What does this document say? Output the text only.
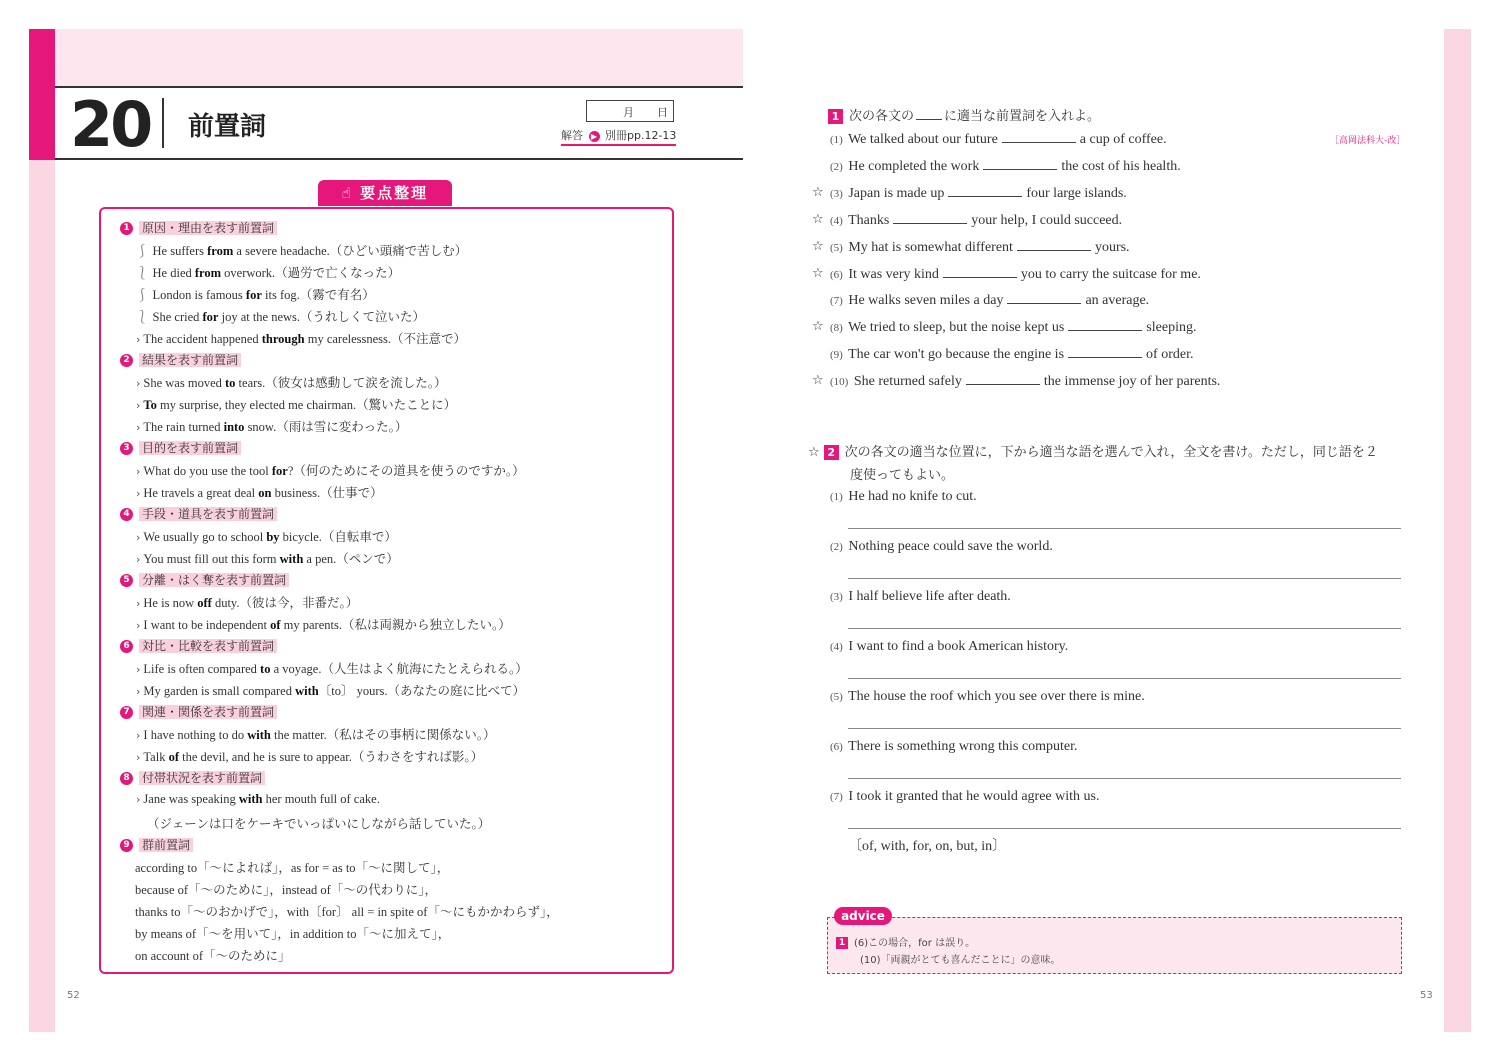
20 前置詞	月 日
解答 ▶ 別冊pp.12-13
☝ 要点整理
1 原因・理由を表す前置詞
⎰ He suffers from a severe headache.（ひどい頭痛で苦しむ）
⎱ He died from overwork.（過労で亡くなった）
⎰ London is famous for its fog.（霧で有名）
⎱ She cried for joy at the news.（うれしくて泣いた）
› The accident happened through my carelessness.（不注意で）
2 結果を表す前置詞
› She was moved to tears.（彼女は感動して涙を流した。）
› To my surprise, they elected me chairman.（驚いたことに）
› The rain turned into snow.（雨は雪に変わった。）
3 目的を表す前置詞
› What do you use the tool for?（何のためにその道具を使うのですか。）
› He travels a great deal on business.（仕事で）
4 手段・道具を表す前置詞
› We usually go to school by bicycle.（自転車で）
› You must fill out this form with a pen.（ペンで）
5 分離・はく奪を表す前置詞
› He is now off duty.（彼は今，非番だ。）
› I want to be independent of my parents.（私は両親から独立したい。）
6 対比・比較を表す前置詞
› Life is often compared to a voyage.（人生はよく航海にたとえられる。）
› My garden is small compared with〔to〕 yours.（あなたの庭に比べて）
7 関連・関係を表す前置詞
› I have nothing to do with the matter.（私はその事柄に関係ない。）
› Talk of the devil, and he is sure to appear.（うわさをすれば影。）
8 付帯状況を表す前置詞
› Jane was speaking with her mouth full of cake.
（ジェーンは口をケーキでいっぱいにしながら話していた。）
9 群前置詞
according to「～によれば」，as for = as to「～に関して」，
because of「～のために」，instead of「～の代わりに」，
thanks to「～のおかげで」，with〔for〕 all = in spite of「～にもかかわらず」，
by means of「～を用いて」，in addition to「～に加えて」，
on account of「～のために」
52
1 次の各文の に適当な前置詞を入れよ。
［高岡法科大-改］
(1) We talked about our future	a cup of coffee.
(2) He completed the work	the cost of his health.
☆ (3) Japan is made up	four large islands.
☆ (4) Thanks	your help, I could succeed.
☆ (5) My hat is somewhat different	yours.
☆ (6) It was very kind	you to carry the suitcase for me.
(7) He walks seven miles a day	an average.
☆ (8) We tried to sleep, but the noise kept us	sleeping.
(9) The car won't go because the engine is	of order.
☆ (10) She returned safely	the immense joy of her parents.
☆ 2 次の各文の適当な位置に，下から適当な語を選んで入れ，全文を書け。ただし，同じ語を２
度使ってもよい。
(1) He had no knife to cut.
(2) Nothing peace could save the world.
(3) I half believe life after death.
(4) I want to find a book American history.
(5) The house the roof which you see over there is mine.
(6) There is something wrong this computer.
(7) I took it granted that he would agree with us.
〔of, with, for, on, but, in〕
advice
1 (6)この場合，for は誤り。
(10)「両親がとても喜んだことに」の意味。
53
